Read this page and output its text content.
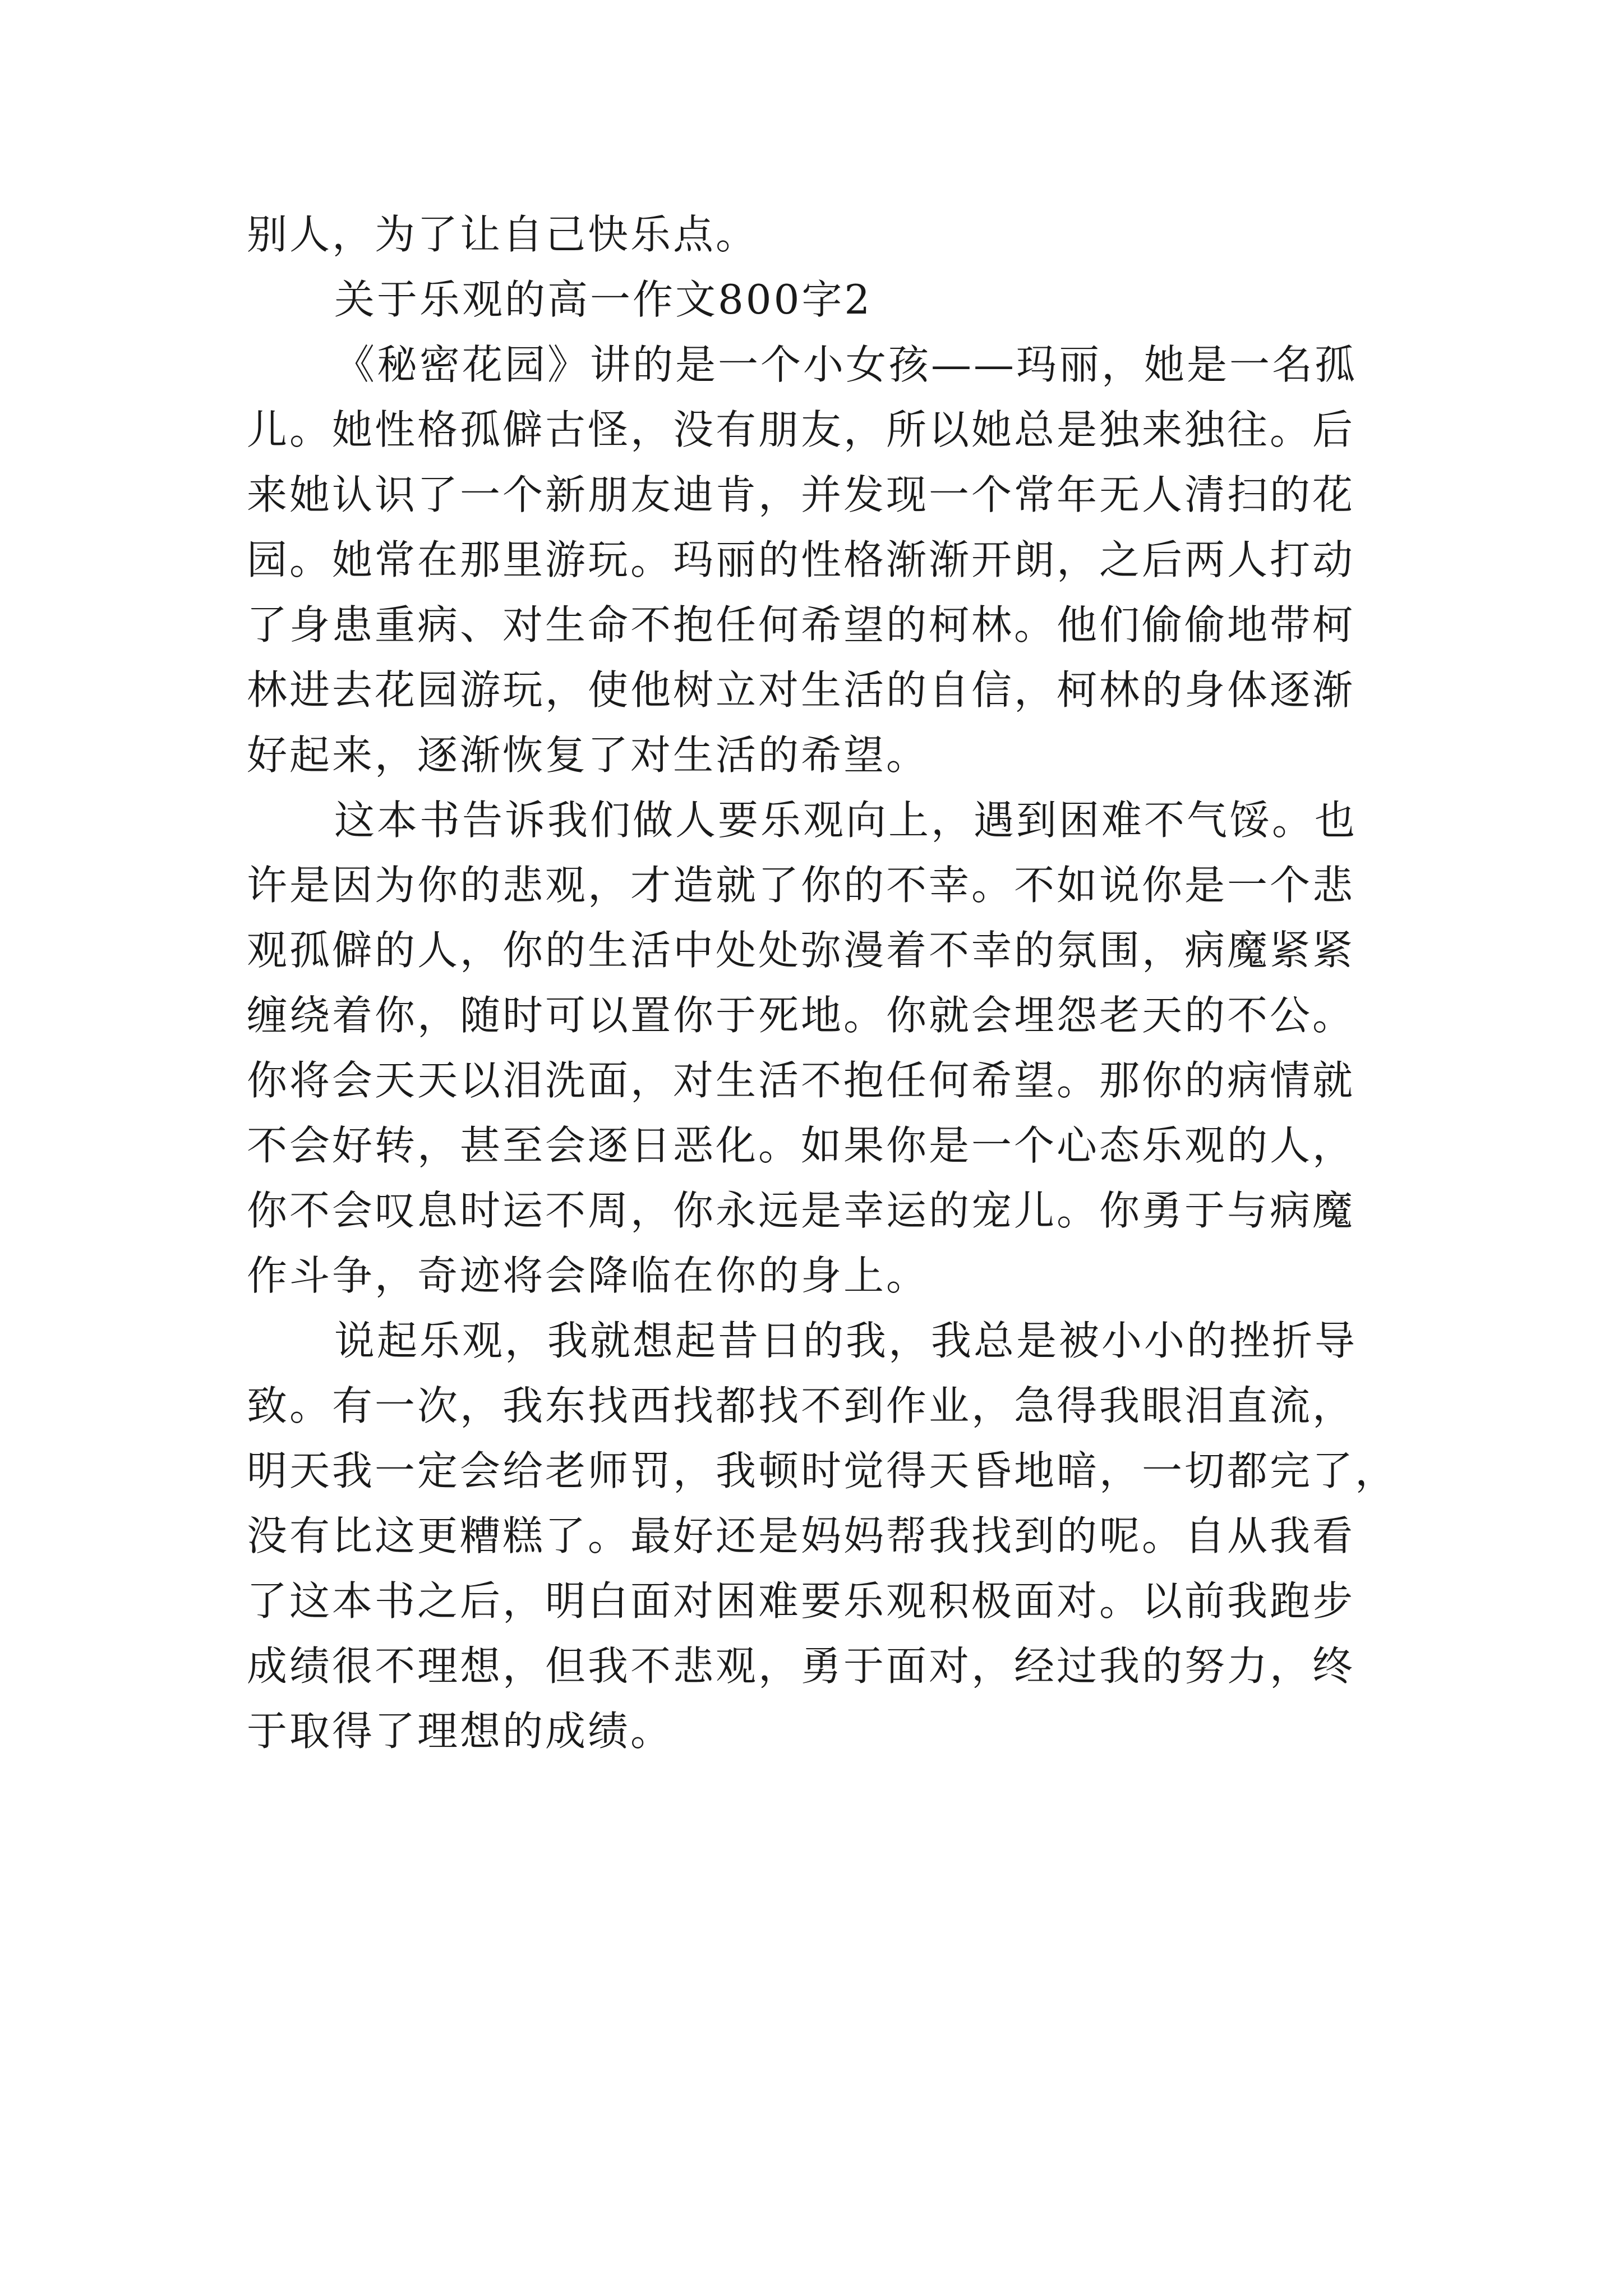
别人，为了让自己快乐点。

关于乐观的高一作文800字2

《秘密花园》讲的是一个小女孩——玛丽，她是一名孤
儿。她性格孤僻古怪，没有朋友，所以她总是独来独往。后
来她认识了一个新朋友迪肯，并发现一个常年无人清扫的花
园。她常在那里游玩。玛丽的性格渐渐开朗，之后两人打动
了身患重病、对生命不抱任何希望的柯林。他们偷偷地带柯
林进去花园游玩，使他树立对生活的自信，柯林的身体逐渐
好起来，逐渐恢复了对生活的希望。

这本书告诉我们做人要乐观向上，遇到困难不气馁。也
许是因为你的悲观，才造就了你的不幸。不如说你是一个悲
观孤僻的人，你的生活中处处弥漫着不幸的氛围，病魔紧紧
缠绕着你，随时可以置你于死地。你就会埋怨老天的不公。
你将会天天以泪洗面，对生活不抱任何希望。那你的病情就
不会好转，甚至会逐日恶化。如果你是一个心态乐观的人，
你不会叹息时运不周，你永远是幸运的宠儿。你勇于与病魔
作斗争，奇迹将会降临在你的身上。

说起乐观，我就想起昔日的我，我总是被小小的挫折导
致。有一次，我东找西找都找不到作业，急得我眼泪直流，
明天我一定会给老师罚，我顿时觉得天昏地暗，一切都完了，
没有比这更糟糕了。最好还是妈妈帮我找到的呢。自从我看
了这本书之后，明白面对困难要乐观积极面对。以前我跑步
成绩很不理想，但我不悲观，勇于面对，经过我的努力，终
于取得了理想的成绩。
